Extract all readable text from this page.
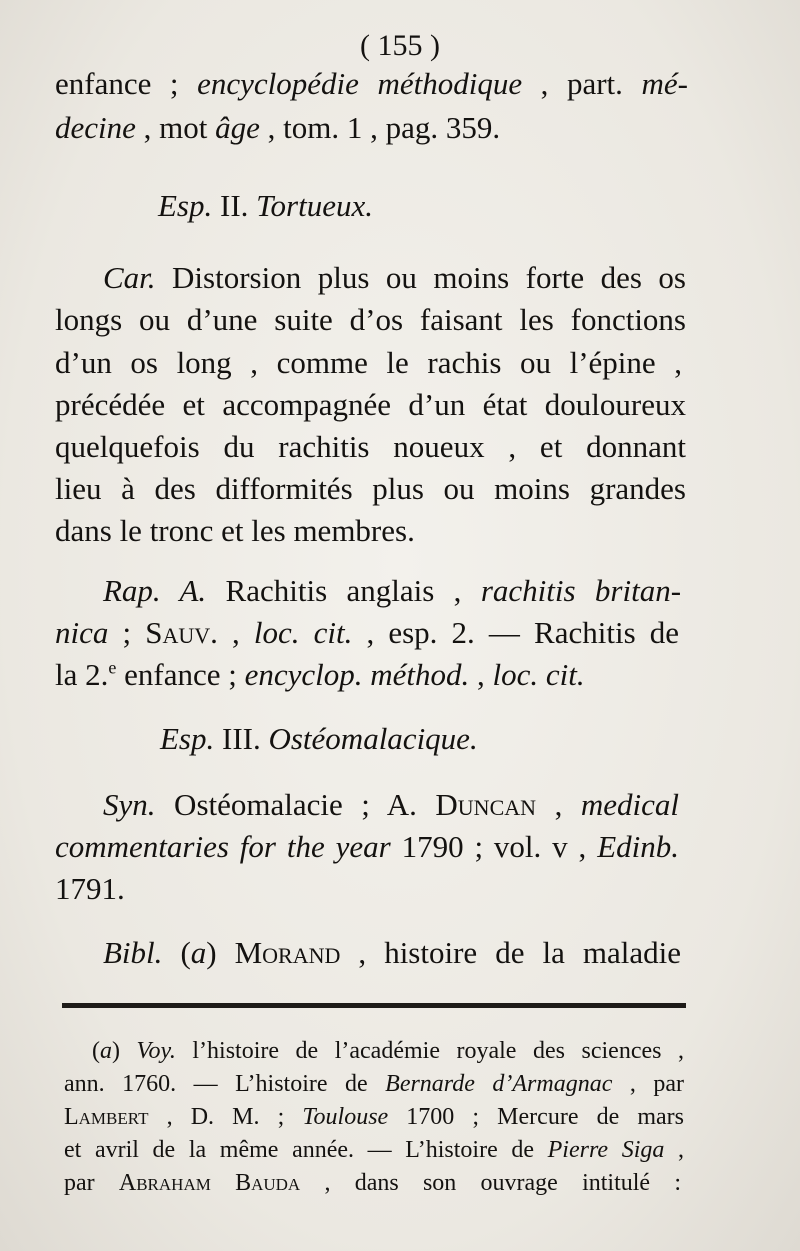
( 155 )
enfance ; encyclopédie méthodique , part. mé-
decine , mot âge , tom. 1 , pag. 359.
Esp. II. Tortueux.
Car. Distorsion plus ou moins forte des os
longs ou d’une suite d’os faisant les fonctions
d’un os long , comme le rachis ou l’épine ,
précédée et accompagnée d’un état douloureux
quelquefois du rachitis noueux , et donnant
lieu à des difformités plus ou moins grandes
dans le tronc et les membres.
Rap. A. Rachitis anglais , rachitis britan-
nica ; Sauv. , loc. cit. , esp. 2. — Rachitis de
la 2.$^e$ enfance ; encyclop. méthod. , loc. cit.
Esp. III. Ostéomalacique.
Syn. Ostéomalacie ; A. Duncan , medical
commentaries for the year 1790 ; vol. v , Edinb.
1791.
Bibl. (a) Morand , histoire de la maladie
(a) Voy. l’histoire de l’académie royale des sciences ,
ann. 1760. — L’histoire de Bernarde d’Armagnac , par
Lambert , D. M. ; Toulouse 1700 ; Mercure de mars
et avril de la même année. — L’histoire de Pierre Siga ,
par Abraham Bauda , dans son ouvrage intitulé :
